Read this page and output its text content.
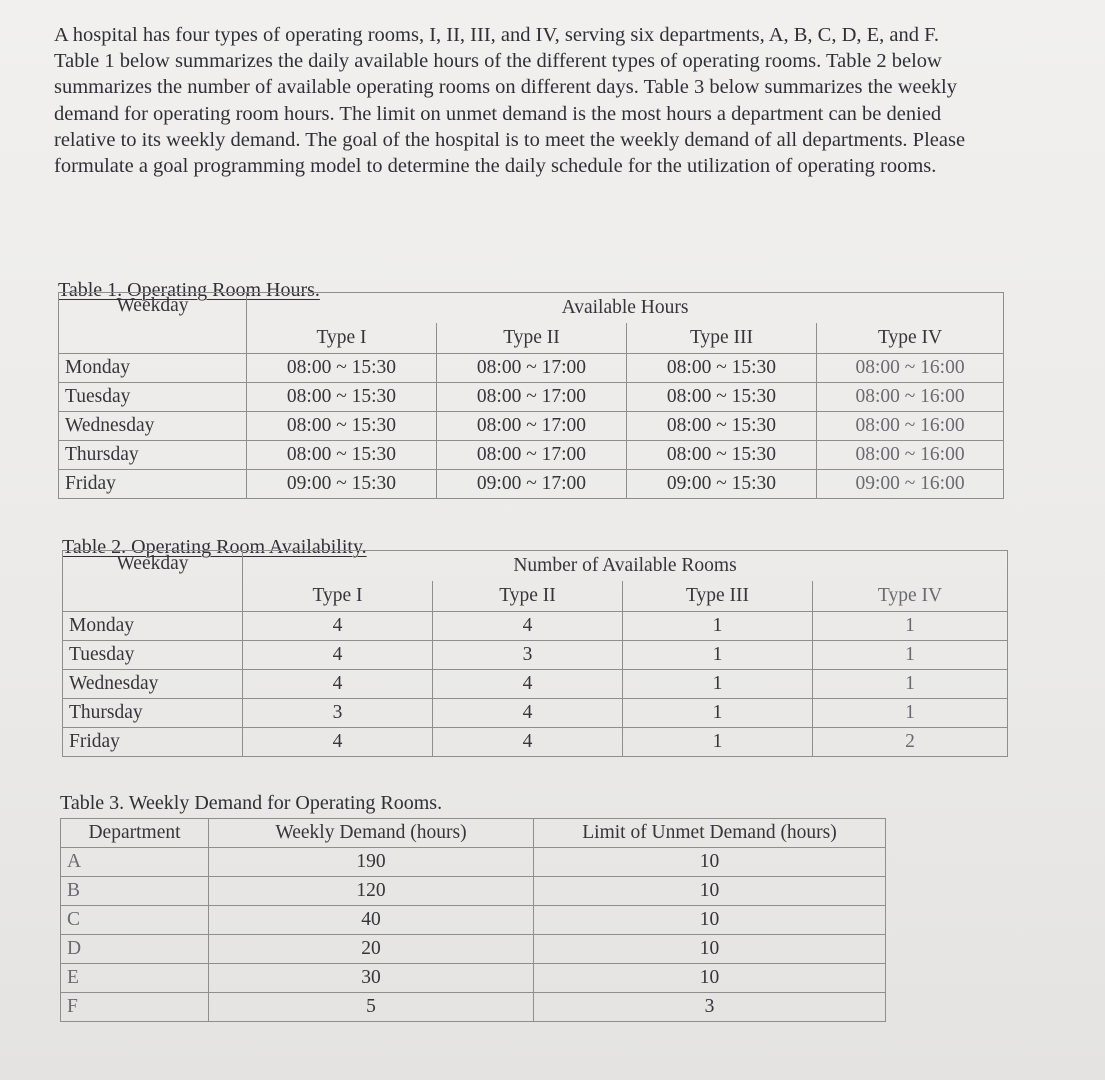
A hospital has four types of operating rooms, I, II, III, and IV, serving six departments, A, B, C, D, E, and F. Table 1 below summarizes the daily available hours of the different types of operating rooms. Table 2 below summarizes the number of available operating rooms on different days. Table 3 below summarizes the weekly demand for operating room hours. The limit on unmet demand is the most hours a department can be denied relative to its weekly demand. The goal of the hospital is to meet the weekly demand of all departments. Please formulate a goal programming model to determine the daily schedule for the utilization of operating rooms.

Table 1. Operating Room Hours.

Weekday	Available Hours			
	Type I	Type II	Type III	Type IV
Monday	08:00 ~ 15:30	08:00 ~ 17:00	08:00 ~ 15:30	08:00 ~ 16:00
Tuesday	08:00 ~ 15:30	08:00 ~ 17:00	08:00 ~ 15:30	08:00 ~ 16:00
Wednesday	08:00 ~ 15:30	08:00 ~ 17:00	08:00 ~ 15:30	08:00 ~ 16:00
Thursday	08:00 ~ 15:30	08:00 ~ 17:00	08:00 ~ 15:30	08:00 ~ 16:00
Friday	09:00 ~ 15:30	09:00 ~ 17:00	09:00 ~ 15:30	09:00 ~ 16:00

Table 2. Operating Room Availability.

Weekday	Number of Available Rooms			
	Type I	Type II	Type III	Type IV
Monday	4	4	1	1
Tuesday	4	3	1	1
Wednesday	4	4	1	1
Thursday	3	4	1	1
Friday	4	4	1	2

Table 3. Weekly Demand for Operating Rooms.

Department	Weekly Demand (hours)	Limit of Unmet Demand (hours)
A	190	10
B	120	10
C	40	10
D	20	10
E	30	10
F	5	3
